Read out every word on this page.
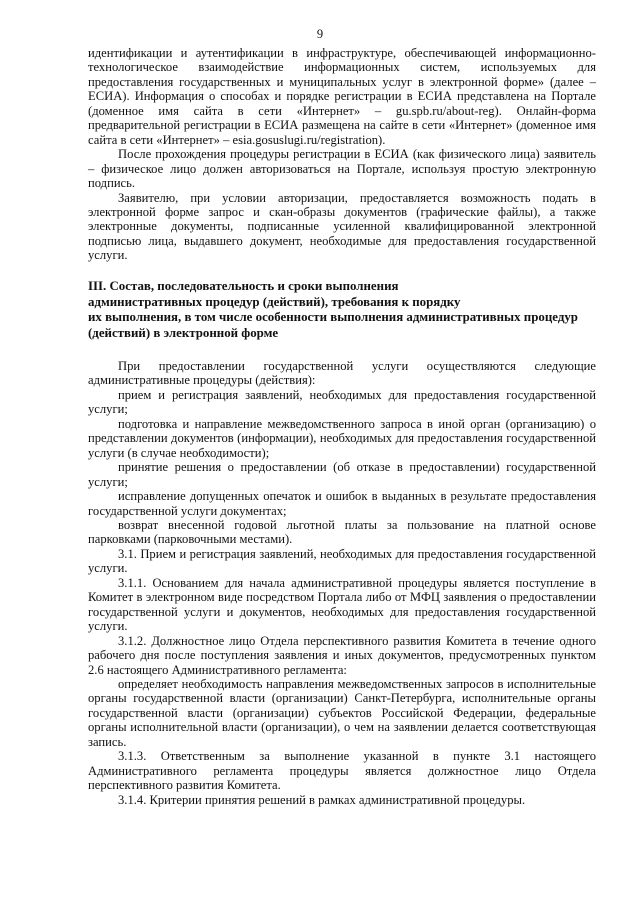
9

идентификации и аутентификации в инфраструктуре, обеспечивающей информационно-технологическое взаимодействие информационных систем, используемых для предоставления государственных и муниципальных услуг в электронной форме» (далее – ЕСИА). Информация о способах и порядке регистрации в ЕСИА представлена на Портале (доменное имя сайта в сети «Интернет» – gu.spb.ru/about-reg). Онлайн-форма предварительной регистрации в ЕСИА размещена на сайте в сети «Интернет» (доменное имя сайта в сети «Интернет» – esia.gosuslugi.ru/registration).

После прохождения процедуры регистрации в ЕСИА (как физического лица) заявитель – физическое лицо должен авторизоваться на Портале, используя простую электронную подпись.

Заявителю, при условии авторизации, предоставляется возможность подать в электронной форме запрос и скан-образы документов (графические файлы), а также электронные документы, подписанные усиленной квалифицированной электронной подписью лица, выдавшего документ, необходимые для предоставления государственной услуги.

III. Состав, последовательность и сроки выполнения

административных процедур (действий), требования к порядку

их выполнения, в том числе особенности выполнения административных процедур

(действий) в электронной форме

При предоставлении государственной услуги осуществляются следующие административные процедуры (действия):

прием и регистрация заявлений, необходимых для предоставления государственной услуги;

подготовка и направление межведомственного запроса в иной орган (организацию) о представлении документов (информации), необходимых для предоставления государственной услуги (в случае необходимости);

принятие решения о предоставлении (об отказе в предоставлении) государственной услуги;

исправление допущенных опечаток и ошибок в выданных в результате предоставления государственной услуги документах;

возврат внесенной годовой льготной платы за пользование на платной основе парковками (парковочными местами).

3.1. Прием и регистрация заявлений, необходимых для предоставления государственной услуги.

3.1.1. Основанием для начала административной процедуры является поступление в Комитет в электронном виде посредством Портала либо от МФЦ заявления о предоставлении государственной услуги и документов, необходимых для предоставления государственной услуги.

3.1.2. Должностное лицо Отдела перспективного развития Комитета в течение одного рабочего дня после поступления заявления и иных документов, предусмотренных пунктом 2.6 настоящего Административного регламента:

определяет необходимость направления межведомственных запросов в исполнительные органы государственной власти (организации) Санкт-Петербурга, исполнительные органы государственной власти (организации) субъектов Российской Федерации, федеральные органы исполнительной власти (организации), о чем на заявлении делается соответствующая запись.

3.1.3. Ответственным за выполнение указанной в пункте 3.1 настоящего Административного регламента процедуры является должностное лицо Отдела перспективного развития Комитета.

3.1.4. Критерии принятия решений в рамках административной процедуры.
